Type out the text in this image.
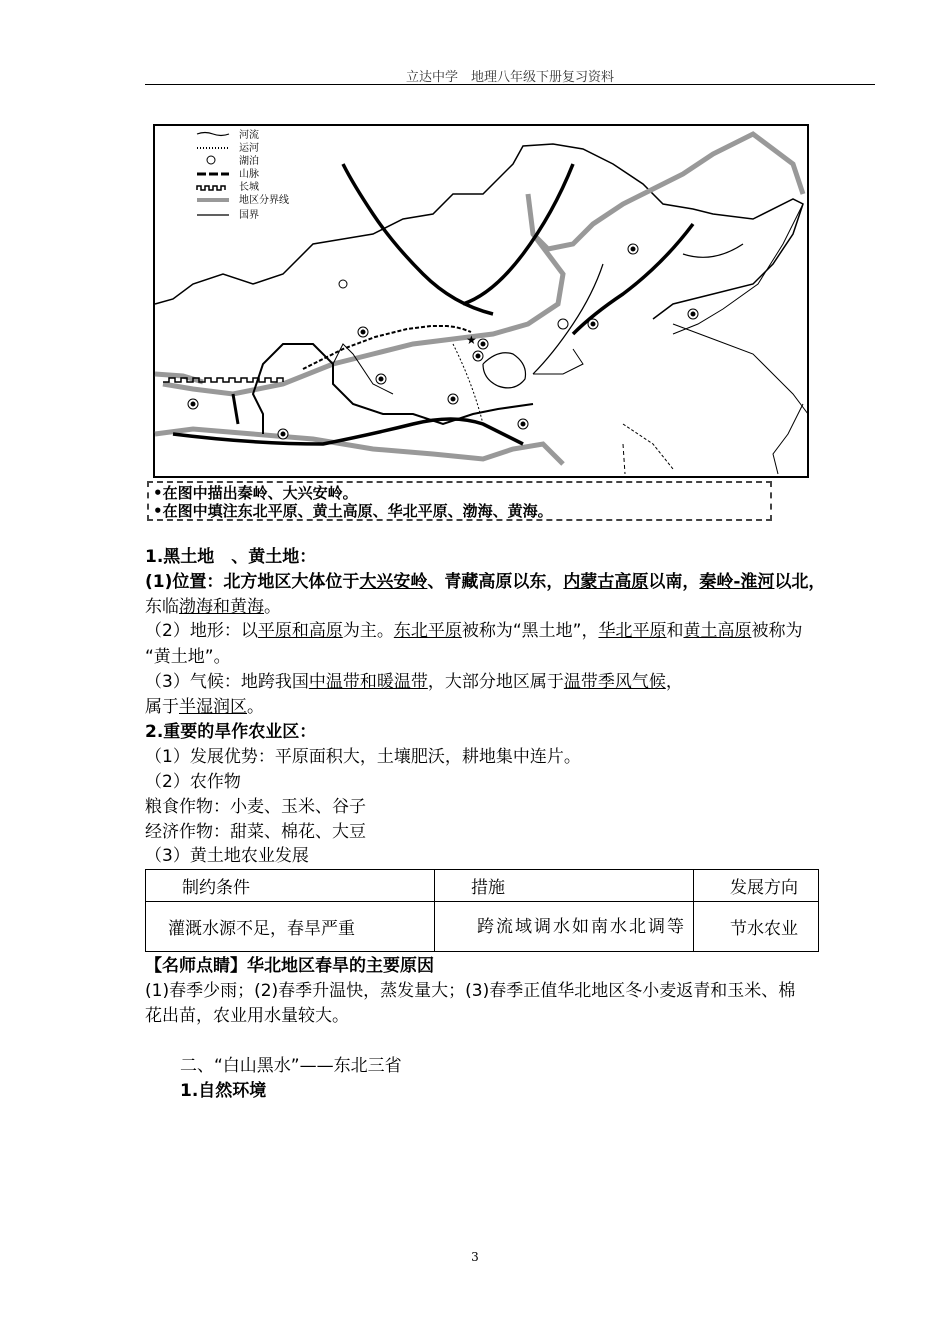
立达中学　地理八年级下册复习资料
河流
运河
湖泊
山脉
长城
地区分界线
国界
★
•在图中描出秦岭、大兴安岭。
•在图中填注东北平原、黄土高原、华北平原、渤海、黄海。
1.黑土地　、黄土地：
(1)位置：北方地区大体位于大兴安岭、青藏高原以东，内蒙古高原以南，秦岭-淮河以北，
东临渤海和黄海。
（2）地形：以平原和高原为主。东北平原被称为“黑土地”，华北平原和黄土高原被称为
“黄土地”。
（3）气候：地跨我国中温带和暖温带，大部分地区属于温带季风气候，
属于半湿润区。
2.重要的旱作农业区：
（1）发展优势：平原面积大，土壤肥沃，耕地集中连片。
（2）农作物
粮食作物：小麦、玉米、谷子
经济作物：甜菜、棉花、大豆
（3）黄土地农业发展
制约条件	措施	发展方向
灌溉水源不足，春旱严重	跨流域调水如南水北调等	节水农业
【名师点睛】华北地区春旱的主要原因
(1)春季少雨；(2)春季升温快，蒸发量大；(3)春季正值华北地区冬小麦返青和玉米、棉
花出苗，农业用水量较大。
二、“白山黑水”——东北三省
1.自然环境
3
